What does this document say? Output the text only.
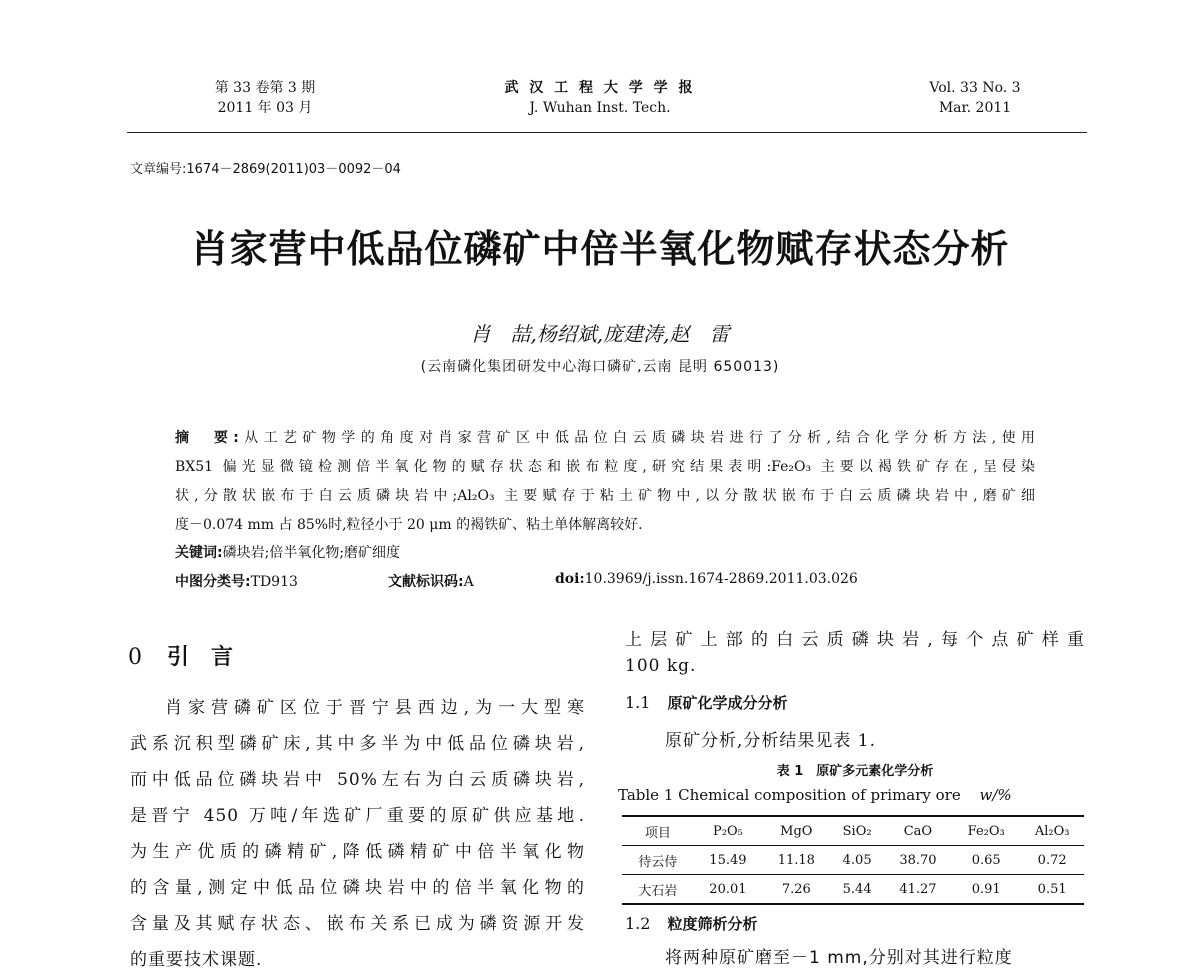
第 33 卷第 3 期
2011 年 03 月
武 汉 工 程 大 学 学 报
J. Wuhan Inst. Tech.
Vol. 33 No. 3
Mar. 2011
文章编号:1674－2869(2011)03－0092－04
肖家营中低品位磷矿中倍半氧化物赋存状态分析
肖　喆,杨绍斌,庞建涛,赵　雷
(云南磷化集团研发中心海口磷矿,云南 昆明 650013)
摘　要:从工艺矿物学的角度对肖家营矿区中低品位白云质磷块岩进行了分析,结合化学分析方法,使用
BX51 偏光显微镜检测倍半氧化物的赋存状态和嵌布粒度,研究结果表明:Fe₂O₃ 主要以褐铁矿存在,呈侵染
状,分散状嵌布于白云质磷块岩中;Al₂O₃ 主要赋存于粘土矿物中,以分散状嵌布于白云质磷块岩中,磨矿细
度－0.074 mm 占 85%时,粒径小于 20 μm 的褐铁矿、粘土单体解离较好.
关键词:磷块岩;倍半氧化物;磨矿细度
中图分类号:TD913	文献标识码:A	doi:10.3969/j.issn.1674-2869.2011.03.026
0 引　言
肖家营磷矿区位于晋宁县西边,为一大型寒
武系沉积型磷矿床,其中多半为中低品位磷块岩,
而中低品位磷块岩中 50%左右为白云质磷块岩,
是晋宁 450 万吨/年选矿厂重要的原矿供应基地.
为生产优质的磷精矿,降低磷精矿中倍半氧化物
的含量,测定中低品位磷块岩中的倍半氧化物的
含量及其赋存状态、嵌布关系已成为磷资源开发
的重要技术课题.
上层矿上部的白云质磷块岩,每个点矿样重
100 kg.
1.1 原矿化学成分分析
原矿分析,分析结果见表 1.
表 1　原矿多元素化学分析
Table 1 Chemical composition of primary ore w/%
项目	P₂O₅	MgO	SiO₂	CaO	Fe₂O₃	Al₂O₃
待云侍	15.49	11.18	4.05	38.70	0.65	0.72
大石岩	20.01	7.26	5.44	41.27	0.91	0.51
1.2 粒度筛析分析
将两种原矿磨至－1 mm,分别对其进行粒度
